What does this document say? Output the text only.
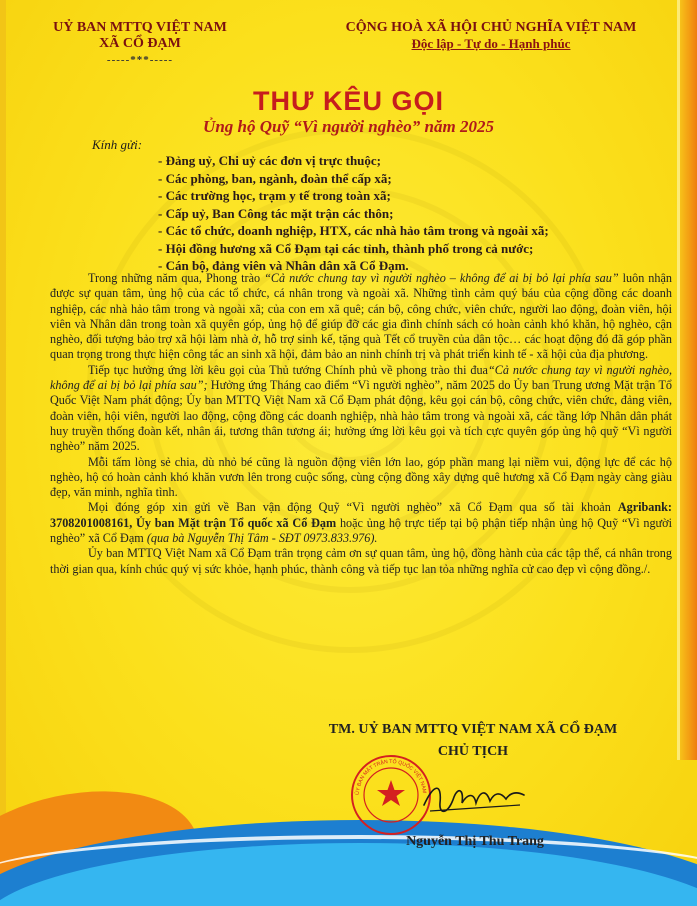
UỶ BAN MTTQ VIỆT NAM
XÃ CỔ ĐẠM
-----***-----
CỘNG HOÀ XÃ HỘI CHỦ NGHĨA VIỆT NAM
Độc lập - Tự do - Hạnh phúc
THƯ KÊU GỌI
Ủng hộ Quỹ “Vì người nghèo” năm 2025
Kính gửi:
- Đảng uỷ, Chi uỷ các đơn vị trực thuộc;
- Các phòng, ban, ngành, đoàn thể cấp xã;
- Các trường học, trạm y tế trong toàn xã;
- Cấp uỷ, Ban Công tác mặt trận các thôn;
- Các tổ chức, doanh nghiệp, HTX, các nhà hảo tâm trong và ngoài xã;
- Hội đồng hương xã Cổ Đạm tại các tỉnh, thành phố trong cả nước;
- Cán bộ, đảng viên và Nhân dân xã Cổ Đạm.

Trong những năm qua, Phong trào “Cả nước chung tay vì người nghèo – không để ai bị bỏ lại phía sau” luôn nhận được sự quan tâm, ủng hộ của các tổ chức, cá nhân trong và ngoài xã. Những tình cảm quý báu của cộng đồng các doanh nghiệp, các nhà hảo tâm trong và ngoài xã; của con em xã quê; cán bộ, công chức, viên chức, người lao động, đoàn viên, hội viên và Nhân dân trong toàn xã quyên góp, ủng hộ để giúp đỡ các gia đình chính sách có hoàn cảnh khó khăn, hộ nghèo, cận nghèo, đối tượng bảo trợ xã hội làm nhà ở, hỗ trợ sinh kế, tặng quà Tết cổ truyền của dân tộc… các hoạt động đó đã góp phần quan trọng trong thực hiện công tác an sinh xã hội, đảm bảo an ninh chính trị và phát triển kinh tế - xã hội của địa phương.

Tiếp tục hưởng ứng lời kêu gọi của Thủ tướng Chính phủ về phong trào thi đua“Cả nước chung tay vì người nghèo, không để ai bị bỏ lại phía sau”; Hưởng ứng Tháng cao điểm “Vì người nghèo”, năm 2025 do Ủy ban Trung ương Mặt trận Tổ Quốc Việt Nam phát động; Ủy ban MTTQ Việt Nam xã Cổ Đạm phát động, kêu gọi cán bộ, công chức, viên chức, đảng viên, đoàn viên, hội viên, người lao động, cộng đồng các doanh nghiệp, nhà hảo tâm trong và ngoài xã, các tầng lớp Nhân dân phát huy truyền thống đoàn kết, nhân ái, tương thân tương ái; hưởng ứng lời kêu gọi và tích cực quyên góp ủng hộ quỹ “Vì người nghèo” năm 2025.

Mỗi tấm lòng sẻ chia, dù nhỏ bé cũng là nguồn động viên lớn lao, góp phần mang lại niềm vui, động lực để các hộ nghèo, hộ có hoàn cảnh khó khăn vươn lên trong cuộc sống, cùng cộng đồng xây dựng quê hương xã Cổ Đạm ngày càng giàu đẹp, văn minh, nghĩa tình.

Mọi đóng góp xin gửi về Ban vận động Quỹ “Vì người nghèo” xã Cổ Đạm qua số tài khoản Agribank: 3708201008161, Ủy ban Mặt trận Tổ quốc xã Cổ Đạm hoặc ủng hộ trực tiếp tại bộ phận tiếp nhận ủng hộ Quỹ “Vì người nghèo” xã Cổ Đạm (qua bà Nguyễn Thị Tâm - SĐT 0973.833.976).

Ủy ban MTTQ Việt Nam xã Cổ Đạm trân trọng cảm ơn sự quan tâm, ủng hộ, đồng hành của các tập thể, cá nhân trong thời gian qua, kính chúc quý vị sức khỏe, hạnh phúc, thành công và tiếp tục lan tỏa những nghĩa cử cao đẹp vì cộng đồng./.

TM. UỶ BAN MTTQ VIỆT NAM XÃ CỔ ĐẠM
CHỦ TỊCH
ỦY BAN MẶT TRẬN TỔ QUỐC VIỆT NAM
Nguyễn Thị Thu Trang
